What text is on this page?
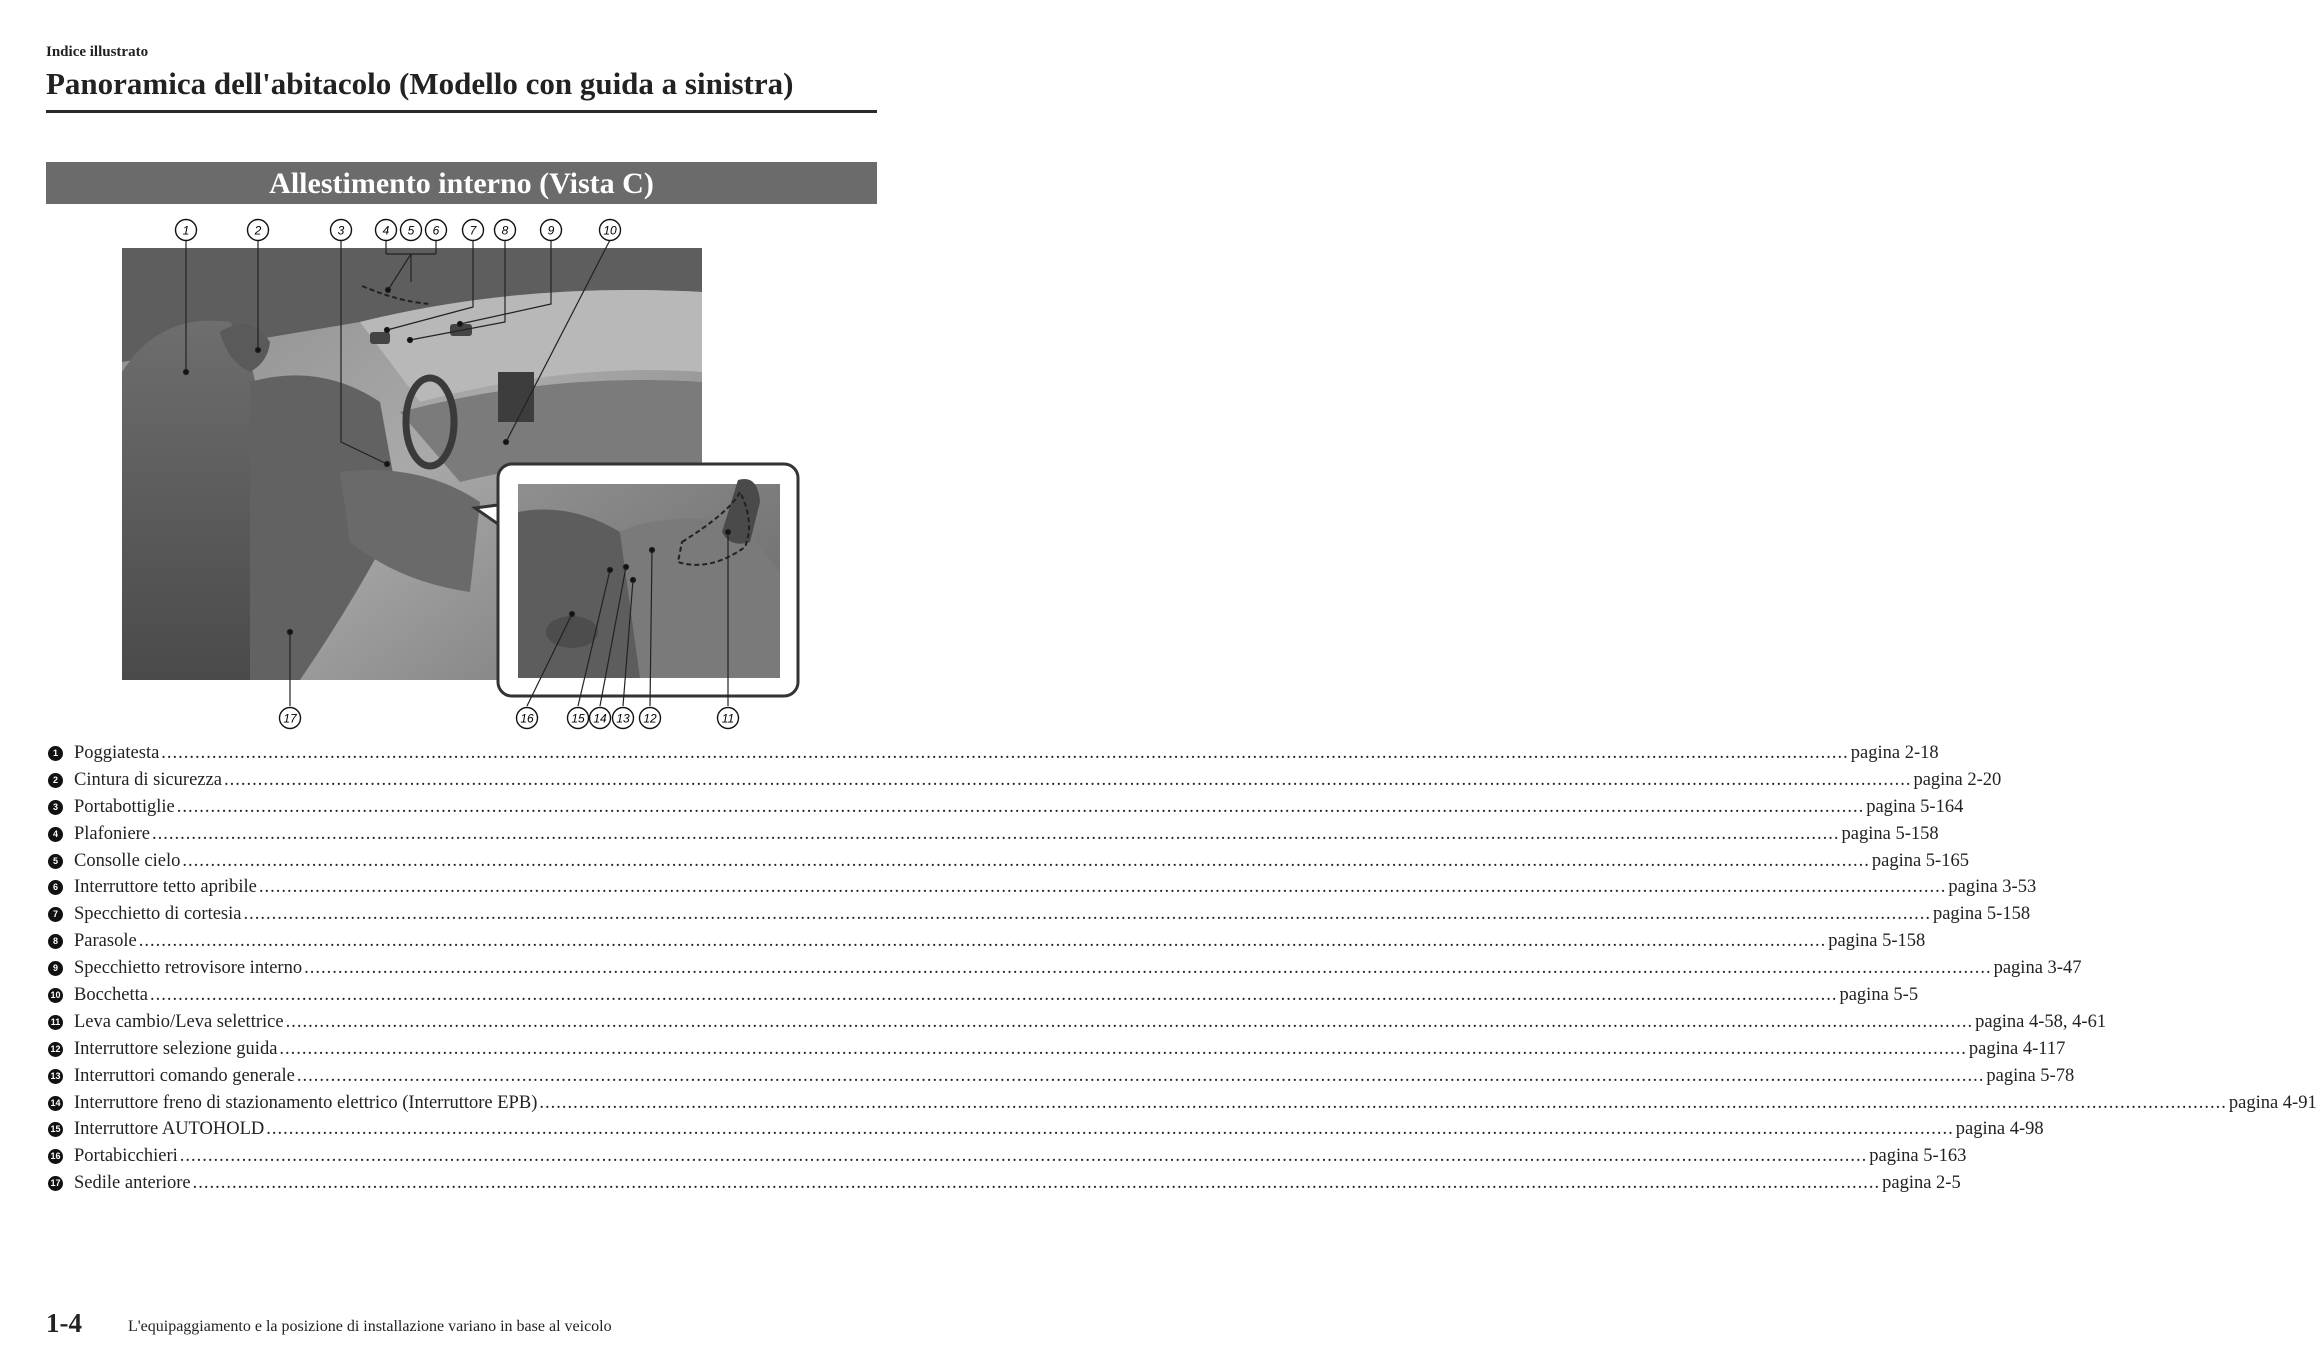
Indice illustrato
Panoramica dell'abitacolo (Modello con guida a sinistra)
Allestimento interno (Vista C)
1	2	3	4 5 6	7 8	9	10
17	16	15 14 13 12	11
1 Poggiatesta ............................................................................................................................................................................................................................................................................................................ pagina 2-18
2 Cintura di sicurezza ............................................................................................................................................................................................................................................................................................................ pagina 2-20
3 Portabottiglie ............................................................................................................................................................................................................................................................................................................ pagina 5-164
4 Plafoniere ............................................................................................................................................................................................................................................................................................................ pagina 5-158
5 Consolle cielo ............................................................................................................................................................................................................................................................................................................ pagina 5-165
6 Interruttore tetto apribile ............................................................................................................................................................................................................................................................................................................ pagina 3-53
7 Specchietto di cortesia ............................................................................................................................................................................................................................................................................................................ pagina 5-158
8 Parasole ............................................................................................................................................................................................................................................................................................................ pagina 5-158
9 Specchietto retrovisore interno ............................................................................................................................................................................................................................................................................................................ pagina 3-47
10 Bocchetta ............................................................................................................................................................................................................................................................................................................ pagina 5-5
11 Leva cambio/Leva selettrice ............................................................................................................................................................................................................................................................................................................ pagina 4-58, 4-61
12 Interruttore selezione guida ............................................................................................................................................................................................................................................................................................................ pagina 4-117
13 Interruttori comando generale ............................................................................................................................................................................................................................................................................................................ pagina 5-78
14 Interruttore freno di stazionamento elettrico (Interruttore EPB) ............................................................................................................................................................................................................................................................................................................ pagina 4-91
15 Interruttore AUTOHOLD ............................................................................................................................................................................................................................................................................................................ pagina 4-98
16 Portabicchieri ............................................................................................................................................................................................................................................................................................................ pagina 5-163
17 Sedile anteriore ............................................................................................................................................................................................................................................................................................................ pagina 2-5
1-4	L'equipaggiamento e la posizione di installazione variano in base al veicolo
